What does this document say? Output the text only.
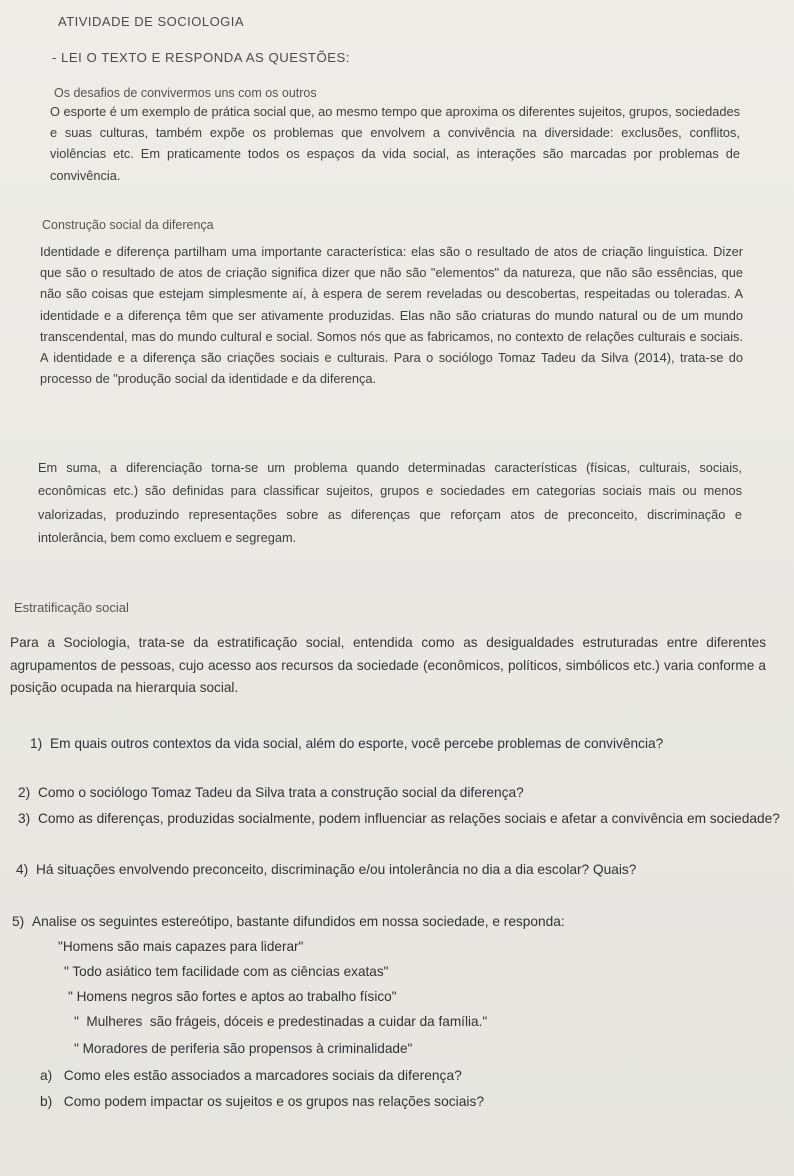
ATIVIDADE DE SOCIOLOGIA

- LEI O TEXTO E RESPONDA AS QUESTÕES:

Os desafios de convivermos uns com os outros

O esporte é um exemplo de prática social que, ao mesmo tempo que aproxima os diferentes sujeitos, grupos, sociedades e suas culturas, também expõe os problemas que envolvem a convivência na diversidade: exclusões, conflitos, violências etc. Em praticamente todos os espaços da vida social, as interações são marcadas por problemas de convivência.

Construção social da diferença

Identidade e diferença partilham uma importante característica: elas são o resultado de atos de criação linguística. Dizer que são o resultado de atos de criação significa dizer que não são "elementos" da natureza, que não são essências, que não são coisas que estejam simplesmente aí, à espera de serem reveladas ou descobertas, respeitadas ou toleradas. A identidade e a diferença têm que ser ativamente produzidas. Elas não são criaturas do mundo natural ou de um mundo transcendental, mas do mundo cultural e social. Somos nós que as fabricamos, no contexto de relações culturais e sociais. A identidade e a diferença são criações sociais e culturais. Para o sociólogo Tomaz Tadeu da Silva (2014), trata-se do processo de "produção social da identidade e da diferença.

Em suma, a diferenciação torna-se um problema quando determinadas características (físicas, culturais, sociais, econômicas etc.) são definidas para classificar sujeitos, grupos e sociedades em categorias sociais mais ou menos valorizadas, produzindo representações sobre as diferenças que reforçam atos de preconceito, discriminação e intolerância, bem como excluem e segregam.

Estratificação social

Para a Sociologia, trata-se da estratificação social, entendida como as desigualdades estruturadas entre diferentes agrupamentos de pessoas, cujo acesso aos recursos da sociedade (econômicos, políticos, simbólicos etc.) varia conforme a posição ocupada na hierarquia social.

1) Em quais outros contextos da vida social, além do esporte, você percebe problemas de convivência?

2) Como o sociólogo Tomaz Tadeu da Silva trata a construção social da diferença?

3) Como as diferenças, produzidas socialmente, podem influenciar as relações sociais e afetar a convivência em sociedade?

4) Há situações envolvendo preconceito, discriminação e/ou intolerância no dia a dia escolar? Quais?

5) Analise os seguintes estereótipo, bastante difundidos em nossa sociedade, e responda:

"Homens são mais capazes para liderar"

" Todo asiático tem facilidade com as ciências exatas"

" Homens negros são fortes e aptos ao trabalho físico"

"  Mulheres  são frágeis, dóceis e predestinadas a cuidar da família."

" Moradores de periferia são propensos à criminalidade"

a) Como eles estão associados a marcadores sociais da diferença?

b) Como podem impactar os sujeitos e os grupos nas relações sociais?
